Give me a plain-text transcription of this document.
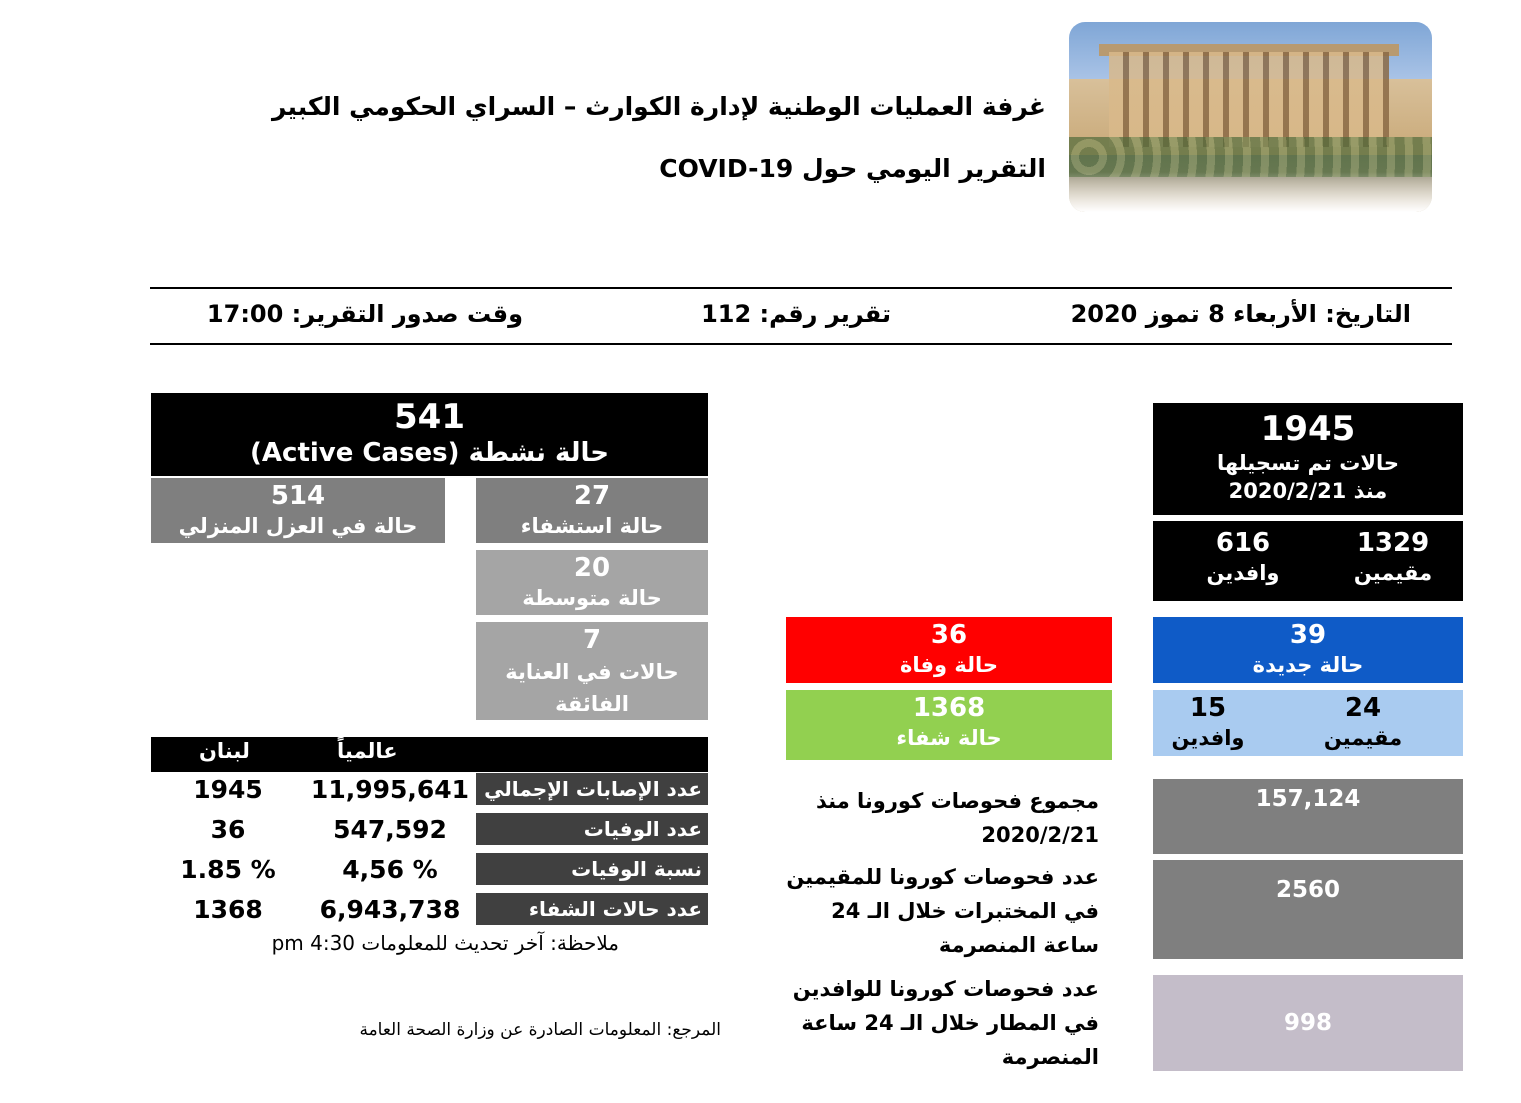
غرفة العمليات الوطنية لإدارة الكوارث – السراي الحكومي الكبير
التقرير اليومي حول COVID-19
التاريخ: الأربعاء 8 تموز 2020
تقرير رقم: 112
وقت صدور التقرير: 17:00
1945
حالات تم تسجيلها
منذ 2020/2/21
1329
مقيمين
616
وافدين
39
حالة جديدة
24
مقيمين
15
وافدين
36
حالة وفاة
1368
حالة شفاء
541
حالة نشطة (Active Cases)
514
حالة في العزل المنزلي
27
حالة استشفاء
20
حالة متوسطة
7
حالات في العناية الفائقة
عالمياً
لبنان
عدد الإصابات الإجمالي
11,995,641
1945
عدد الوفيات
547,592
36
نسبة الوفيات
4,56 %
1.85 %
عدد حالات الشفاء
6,943,738
1368
ملاحظة: آخر تحديث للمعلومات 4:30 pm
المرجع: المعلومات الصادرة عن وزارة الصحة العامة
مجموع فحوصات كورونا منذ 2020/2/21
157,124
عدد فحوصات كورونا للمقيمين في المختبرات خلال الـ 24 ساعة المنصرمة
2560
عدد فحوصات كورونا للوافدين في المطار خلال الـ 24 ساعة المنصرمة
998
